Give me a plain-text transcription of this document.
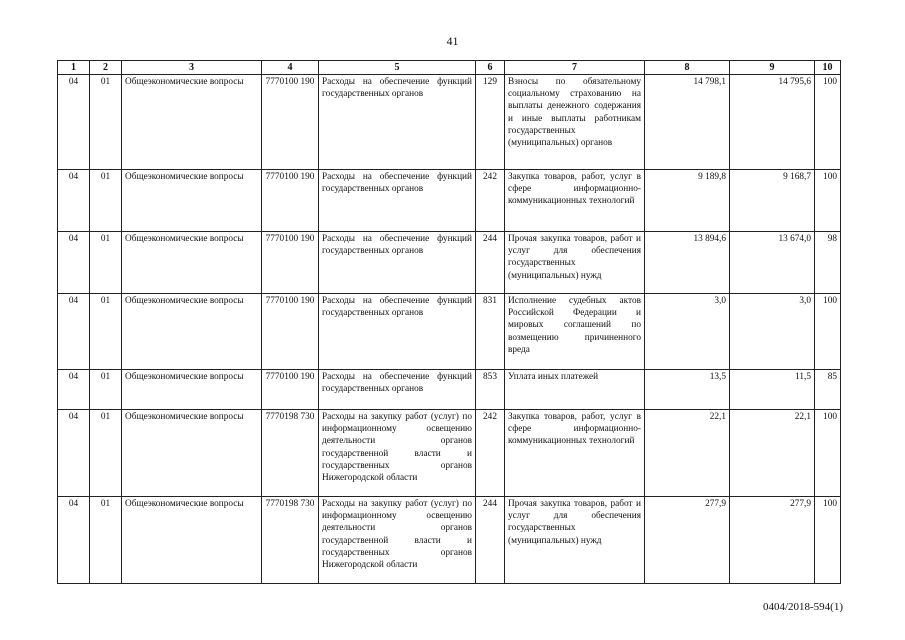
41
1	2	3	4	5	6	7	8	9	10
04	01	Общеэкономические вопросы	7770100 190	Расходы на обеспечение функций государственных органов	129	Взносы по обязательному социальному страхованию на выплаты денежного содержания и иные выплаты работникам государственных (муниципальных) органов	14 798,1	14 795,6	100
04	01	Общеэкономические вопросы	7770100 190	Расходы на обеспечение функций государственных органов	242	Закупка товаров, работ, услуг в сфере информационно-коммуникационных технологий	9 189,8	9 168,7	100
04	01	Общеэкономические вопросы	7770100 190	Расходы на обеспечение функций государственных органов	244	Прочая закупка товаров, работ и услуг для обеспечения государственных (муниципальных) нужд	13 894,6	13 674,0	98
04	01	Общеэкономические вопросы	7770100 190	Расходы на обеспечение функций государственных органов	831	Исполнение судебных актов Российской Федерации и мировых соглашений по возмещению причиненного вреда	3,0	3,0	100
04	01	Общеэкономические вопросы	7770100 190	Расходы на обеспечение функций государственных органов	853	Уплата иных платежей	13,5	11,5	85
04	01	Общеэкономические вопросы	7770198 730	Расходы на закупку работ (услуг) по информационному освещению деятельности органов государственной власти и государственных органов Нижегородской области	242	Закупка товаров, работ, услуг в сфере информационно-коммуникационных технологий	22,1	22,1	100
04	01	Общеэкономические вопросы	7770198 730	Расходы на закупку работ (услуг) по информационному освещению деятельности органов государственной власти и государственных органов Нижегородской области	244	Прочая закупка товаров, работ и услуг для обеспечения государственных (муниципальных) нужд	277,9	277,9	100
0404/2018-594(1)
